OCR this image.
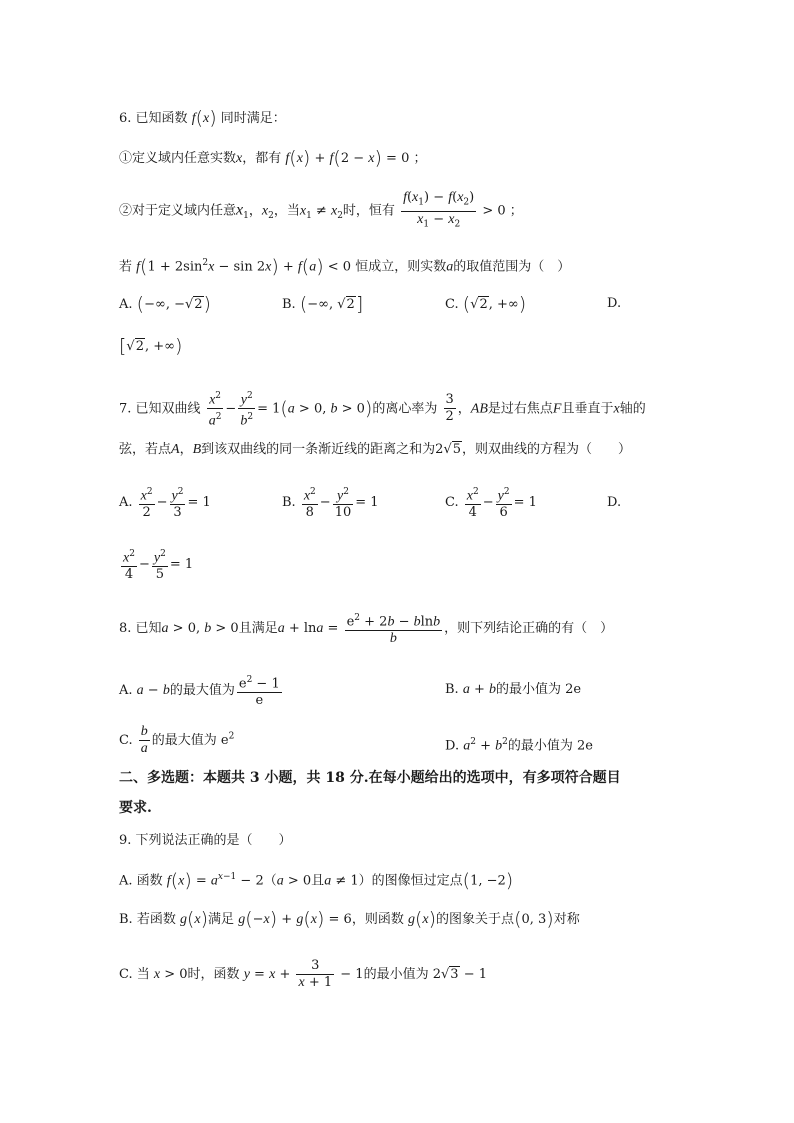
6. 已知函数 f(x) 同时满足：
①定义域内任意实数x，都有 f(x) + f(2 − x) = 0 ；
②对于定义域内任意$x_1$，$x_2$，当$x_1 \ne x_2$时，恒有 $\frac{f(x_1) - f(x_2)}{x_1 - x_2} > 0$ ；
若 $f(1 + 2\sin^2x - \sin 2x) + f(a) < 0$ 恒成立，则实数a的取值范围为（　）
A. (−∞, −√2)	B. (−∞, √2]	C. (√2, +∞)	D.
[√2, +∞)
7. 已知双曲线 $\frac{x^2}{a^2} - \frac{y^2}{b^2} = 1(a > 0$, b > 0)的离心率为 $\frac{3}{2}$ ，AB是过右焦点F且垂直于x轴的
弦，若点A，B到该双曲线的同一条渐近线的距离之和为2√5，则双曲线的方程为（　　）
A. $\frac{x^2}{2} - \frac{y^2}{3} = 1$	B. $\frac{x^2}{8} - \frac{y^2}{10} = 1$	C. $\frac{x^2}{4} - \frac{y^2}{6} = 1$	D.
$\frac{x^2}{4} - \frac{y^2}{5} = 1$
8. 已知a > 0, b > 0且满足$a + \ln a = \frac{e^2 + 2b - blnb}{b}$ ，则下列结论正确的有（　）
A. a − b的最大值为 $\frac{e^2 - 1}{e}$	B. a + b的最小值为 2e
C. $\frac{b}{a}$ 的最大值为 $e^2$
D. $a^2 + b^2$的最小值为 2e
二、多选题：本题共 3 小题，共 18 分.在每小题给出的选项中，有多项符合题目
要求.
9. 下列说法正确的是（　　）
A. 函数 $f(x) = a^{x-1} - 2(a > 0$且a ≠ 1）的图像恒过定点(1, −2)
B. 若函数 g(x)满足 g(−x) + g(x) = 6，则函数 g(x)的图象关于点(0, 3)对称
C. 当 x > 0时，函数 $y = x + \frac{3}{x + 1} - 1$的最小值为 2√3 − 1
